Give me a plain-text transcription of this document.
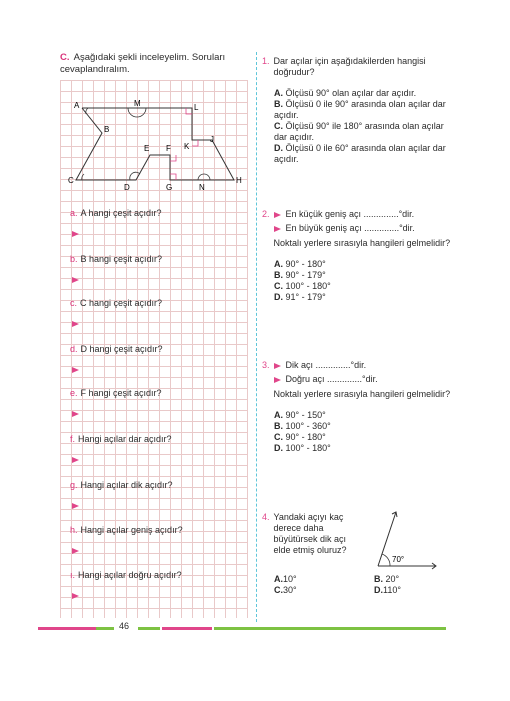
C. Aşağıdaki şekli inceleyelim. Soruları cevaplandıralım.
A	M	L
B
E F K
J
C
D	G	N
H
a. A hangi çeşit açıdır?
b. B hangi çeşit açıdır?
c. C hangi çeşit açıdır?
d. D hangi çeşit açıdır?
e. F hangi çeşit açıdır?
f. Hangi açılar dar açıdır?
g. Hangi açılar dik açıdır?
h. Hangi açılar geniş açıdır?
ı. Hangi açılar doğru açıdır?
1. Dar açılar için aşağıdakilerden hangisi doğrudur?
A. Ölçüsü 90° olan açılar dar açıdır.
B. Ölçüsü 0 ile 90° arasında olan açılar dar açıdır.
C. Ölçüsü 90° ile 180° arasında olan açılar dar açıdır.
D. Ölçüsü 0 ile 60° arasında olan açılar dar açıdır.
2.	En küçük geniş açı ..............°dir.
En büyük geniş açı ..............°dir.
Noktalı yerlere sırasıyla hangileri gelmelidir?
A. 90° - 180°
B. 90° - 179°
C. 100° - 180°
D. 91° - 179°
3.	Dik açı ..............°dir.
Doğru açı ..............°dir.
Noktalı yerlere sırasıyla hangileri gelmelidir?
A. 90° - 150°
B. 100° - 360°
C. 90° - 180°
D. 100° - 180°
4. Yandaki açıyı kaç derece daha büyütürsek dik açı elde etmiş oluruz?
70°
A.10°	B. 20°
C.30°	D.110°
46
